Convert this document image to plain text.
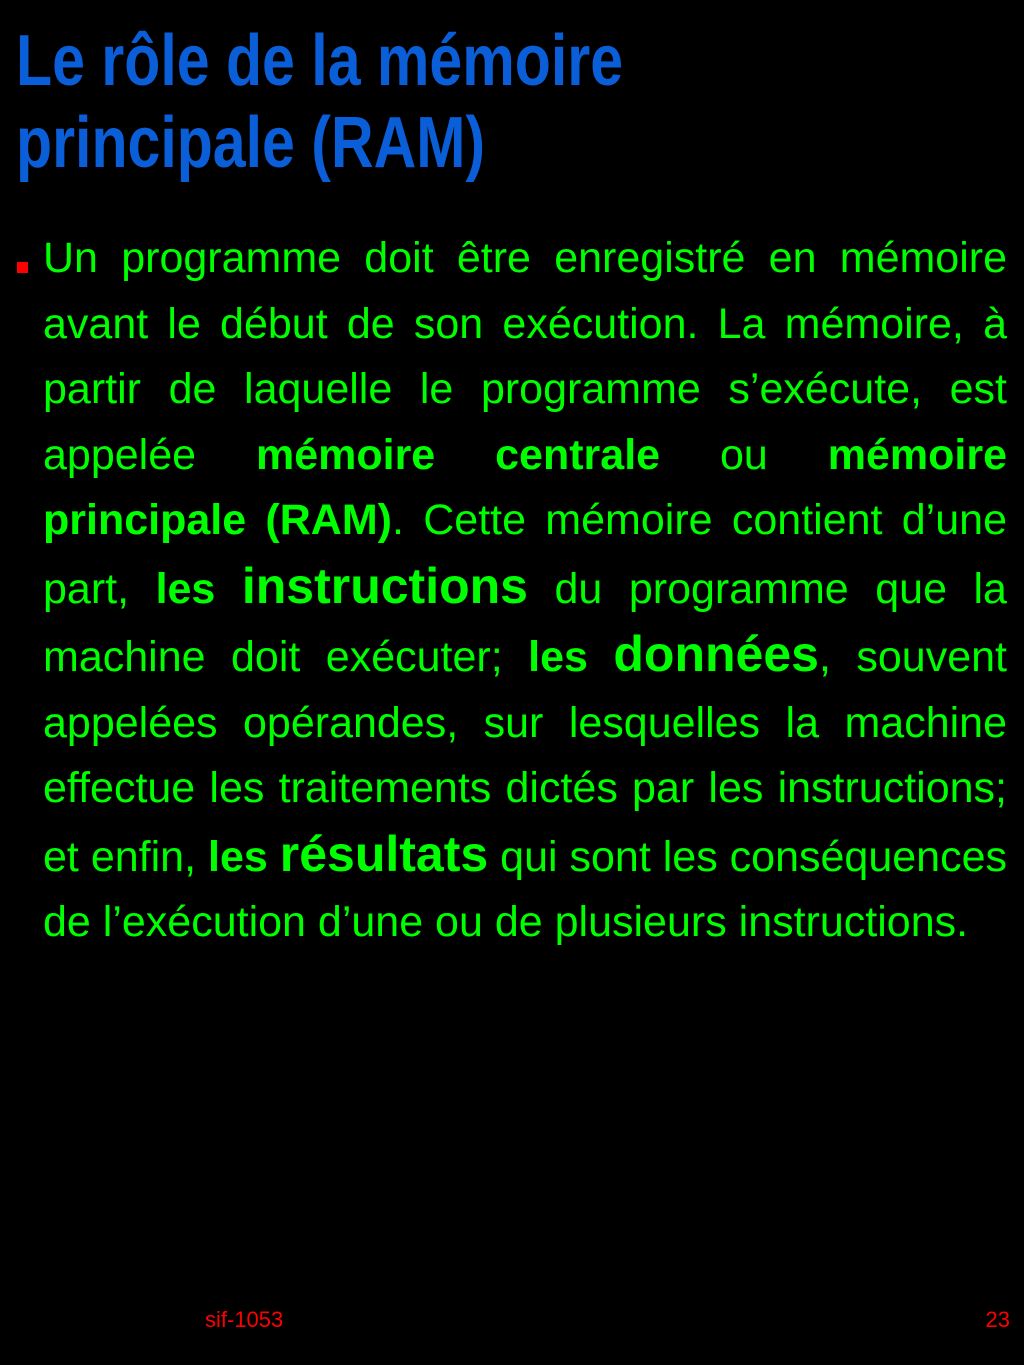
Le rôle de la mémoire
principale (RAM)

Un programme doit être enregistré en mémoire avant le début de son exécution. La mémoire, à partir de laquelle le programme s’exécute, est appelée mémoire centrale ou mémoire principale (RAM). Cette mémoire contient d’une part, les instructions du programme que la machine doit exécuter; les données, souvent appelées opérandes, sur lesquelles la machine effectue les traitements dictés par les instructions; et enfin, les résultats qui sont les conséquences de l’exécution d’une ou de plusieurs instructions.

sif-1053	23
